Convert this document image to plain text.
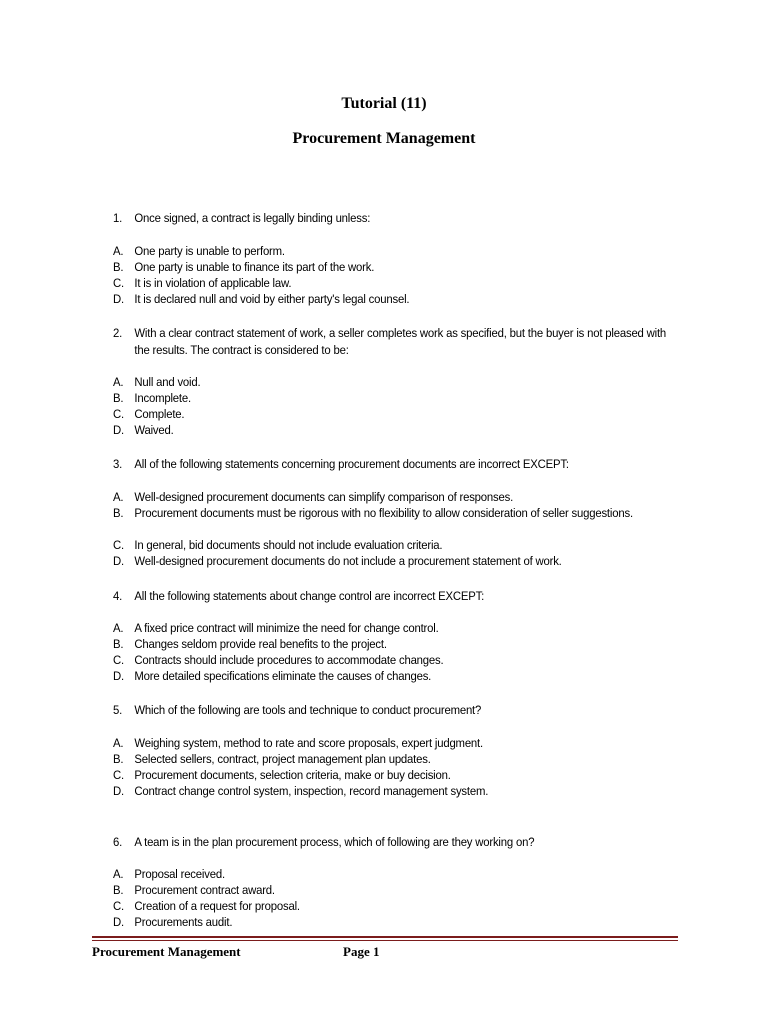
Tutorial (11)
Procurement Management
1. Once signed, a contract is legally binding unless:
A. One party is unable to perform.
B. One party is unable to finance its part of the work.
C. It is in violation of applicable law.
D. It is declared null and void by either party's legal counsel.
2. With a clear contract statement of work, a seller completes work as specified, but the buyer is not pleased with the results. The contract is considered to be:
A. Null and void.
B. Incomplete.
C. Complete.
D. Waived.
3. All of the following statements concerning procurement documents are incorrect EXCEPT:
A. Well-designed procurement documents can simplify comparison of responses.
B. Procurement documents must be rigorous with no flexibility to allow consideration of seller suggestions.
C. In general, bid documents should not include evaluation criteria.
D. Well-designed procurement documents do not include a procurement statement of work.
4. All the following statements about change control are incorrect EXCEPT:
A. A fixed price contract will minimize the need for change control.
B. Changes seldom provide real benefits to the project.
C. Contracts should include procedures to accommodate changes.
D. More detailed specifications eliminate the causes of changes.
5. Which of the following are tools and technique to conduct procurement?
A. Weighing system, method to rate and score proposals, expert judgment.
B. Selected sellers, contract, project management plan updates.
C. Procurement documents, selection criteria, make or buy decision.
D. Contract change control system, inspection, record management system.
6. A team is in the plan procurement process, which of following are they working on?
A. Proposal received.
B. Procurement contract award.
C. Creation of a request for proposal.
D. Procurements audit.
Procurement Management	Page 1
